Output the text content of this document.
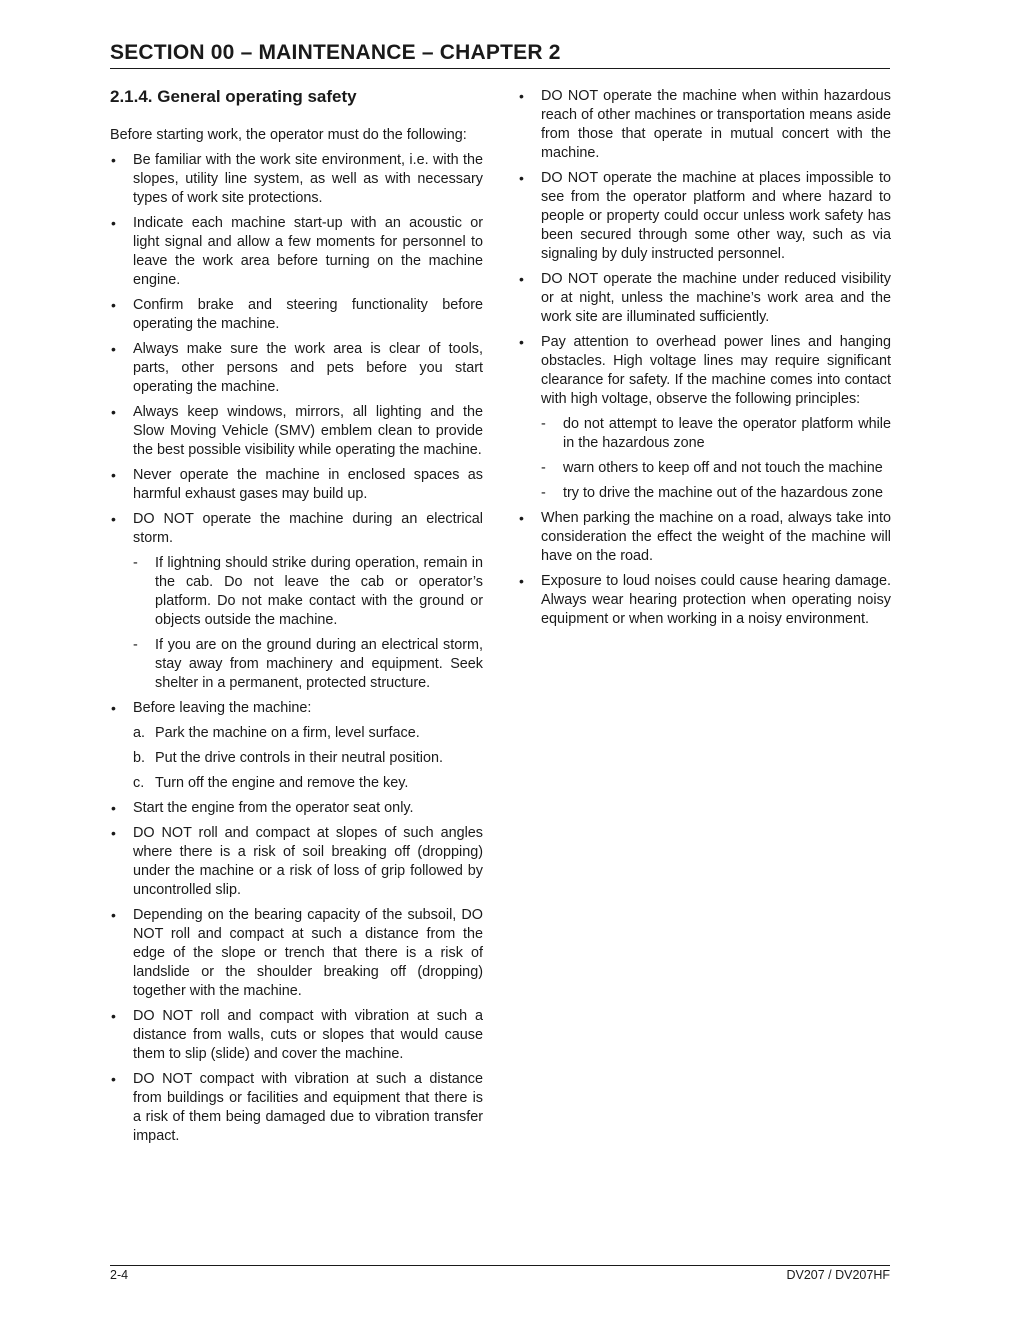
SECTION 00 – MAINTENANCE – CHAPTER 2
2.1.4. General operating safety

Before starting work, the operator must do the following:

• Be familiar with the work site environment, i.e. with the slopes, utility line system, as well as with necessary types of work site protections.
• Indicate each machine start-up with an acoustic or light signal and allow a few moments for personnel to leave the work area before turning on the machine engine.
• Confirm brake and steering functionality before operating the machine.
• Always make sure the work area is clear of tools, parts, other persons and pets before you start operating the machine.
• Always keep windows, mirrors, all lighting and the Slow Moving Vehicle (SMV) emblem clean to provide the best possible visibility while operating the machine.
• Never operate the machine in enclosed spaces as harmful exhaust gases may build up.
• DO NOT operate the machine during an electrical storm.
- If lightning should strike during operation, remain in the cab. Do not leave the cab or operator’s platform. Do not make contact with the ground or objects outside the machine.
- If you are on the ground during an electrical storm, stay away from machinery and equipment. Seek shelter in a permanent, protected structure.
• Before leaving the machine:
a. Park the machine on a firm, level surface.
b. Put the drive controls in their neutral position.
c. Turn off the engine and remove the key.
• Start the engine from the operator seat only.
• DO NOT roll and compact at slopes of such angles where there is a risk of soil breaking off (dropping) under the machine or a risk of loss of grip followed by uncontrolled slip.
• Depending on the bearing capacity of the subsoil, DO NOT roll and compact at such a distance from the edge of the slope or trench that there is a risk of landslide or the shoulder breaking off (dropping) together with the machine.
• DO NOT roll and compact with vibration at such a distance from walls, cuts or slopes that would cause them to slip (slide) and cover the machine.
• DO NOT compact with vibration at such a distance from buildings or facilities and equipment that there is a risk of them being damaged due to vibration transfer impact.
• DO NOT operate the machine when within hazardous reach of other machines or transportation means aside from those that operate in mutual concert with the machine.
• DO NOT operate the machine at places impossible to see from the operator platform and where hazard to people or property could occur unless work safety has been secured through some other way, such as via signaling by duly instructed personnel.
• DO NOT operate the machine under reduced visibility or at night, unless the machine’s work area and the work site are illuminated sufficiently.
• Pay attention to overhead power lines and hanging obstacles. High voltage lines may require significant clearance for safety. If the machine comes into contact with high voltage, observe the following principles:
- do not attempt to leave the operator platform while in the hazardous zone
- warn others to keep off and not touch the machine
- try to drive the machine out of the hazardous zone
• When parking the machine on a road, always take into consideration the effect the weight of the machine will have on the road.
• Exposure to loud noises could cause hearing damage. Always wear hearing protection when operating noisy equipment or when working in a noisy environment.
2-4	DV207 / DV207HF
